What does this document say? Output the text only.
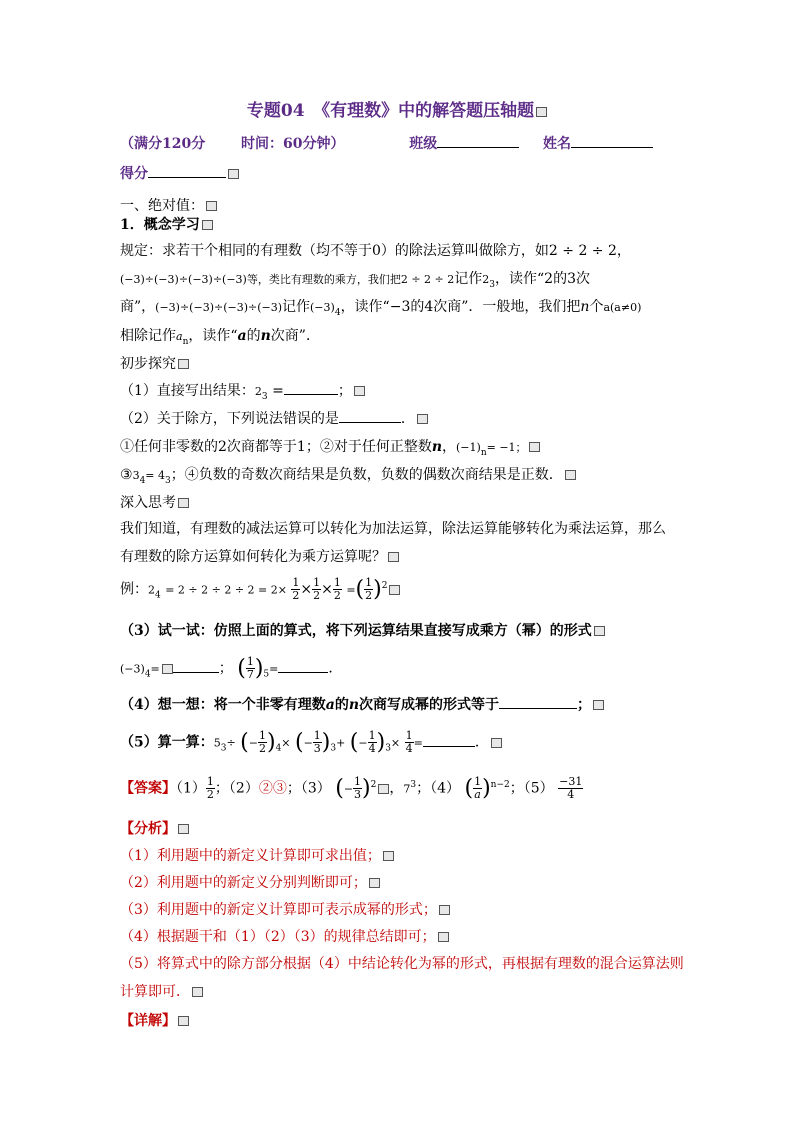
专题04　《有理数》中的解答题压轴题
（满分120分	时间：60分钟）	班级	姓名
得分
一、绝对值：
1．概念学习
规定：求若干个相同的有理数（均不等于0）的除法运算叫做除方，如2 ÷ 2 ÷ 2，
(−3)÷(−3)÷(−3)÷(−3)等，类比有理数的乘方，我们把2 ÷ 2 ÷ 2记作$2_3$，读作“2的3次
商”，(−3)÷(−3)÷(−3)÷(−3)记作$(-3)_4$，读作“−3的4次商”．一般地，我们把n个a(a≠0)
相除记作$a_n$，读作“a的n次商”．
初步探究
（1）直接写出结果：$2_3$ =	；
（2）关于除方，下列说法错误的是	．
①任何非零数的2次商都等于1；②对于任何正整数n，$(-1)_n= -1$；
$③3_4= 4_3$；④负数的奇数次商结果是负数，负数的偶数次商结果是正数．
深入思考
我们知道，有理数的减法运算可以转化为加法运算，除法运算能够转化为乘法运算，那么
有理数的除方运算如何转化为乘方运算呢？
例：$2_4 = 2 \div 2 \div 2 \div 2 = 2\times \frac{1}{2} \times \frac{1}{2} \times \frac{1}{2}$ =( $\frac{1}{2} )^2$
（3）试一试：仿照上面的算式，将下列运算结果直接写成乘方（幂）的形式
$(-3)_4=$	； ( $\frac{1}{7} )_5=$	．
（4）想一想：将一个非零有理数a的n次商写成幂的形式等于	；
（5）算一算：$5_3\div$ (− $\frac{1}{2} )_4\times$ (− $\frac{1}{3} )_3+$ (− $\frac{1}{4} )_3\times \frac{1}{4}$ =	．
【答案】$(1) \frac{1}{2}$ ；（2）②③；（3） (− $\frac{1}{3} )^2$ ，$7^3$；（4） ( $\frac{1}{a} )^{n-2}$；$(5) \frac{-31}{4}$
【分析】
（1）利用题中的新定义计算即可求出值；
（2）利用题中的新定义分别判断即可；
（3）利用题中的新定义计算即可表示成幂的形式；
（4）根据题干和（1）（2）（3）的规律总结即可；
（5）将算式中的除方部分根据（4）中结论转化为幂的形式，再根据有理数的混合运算法则
计算即可．
【详解】
